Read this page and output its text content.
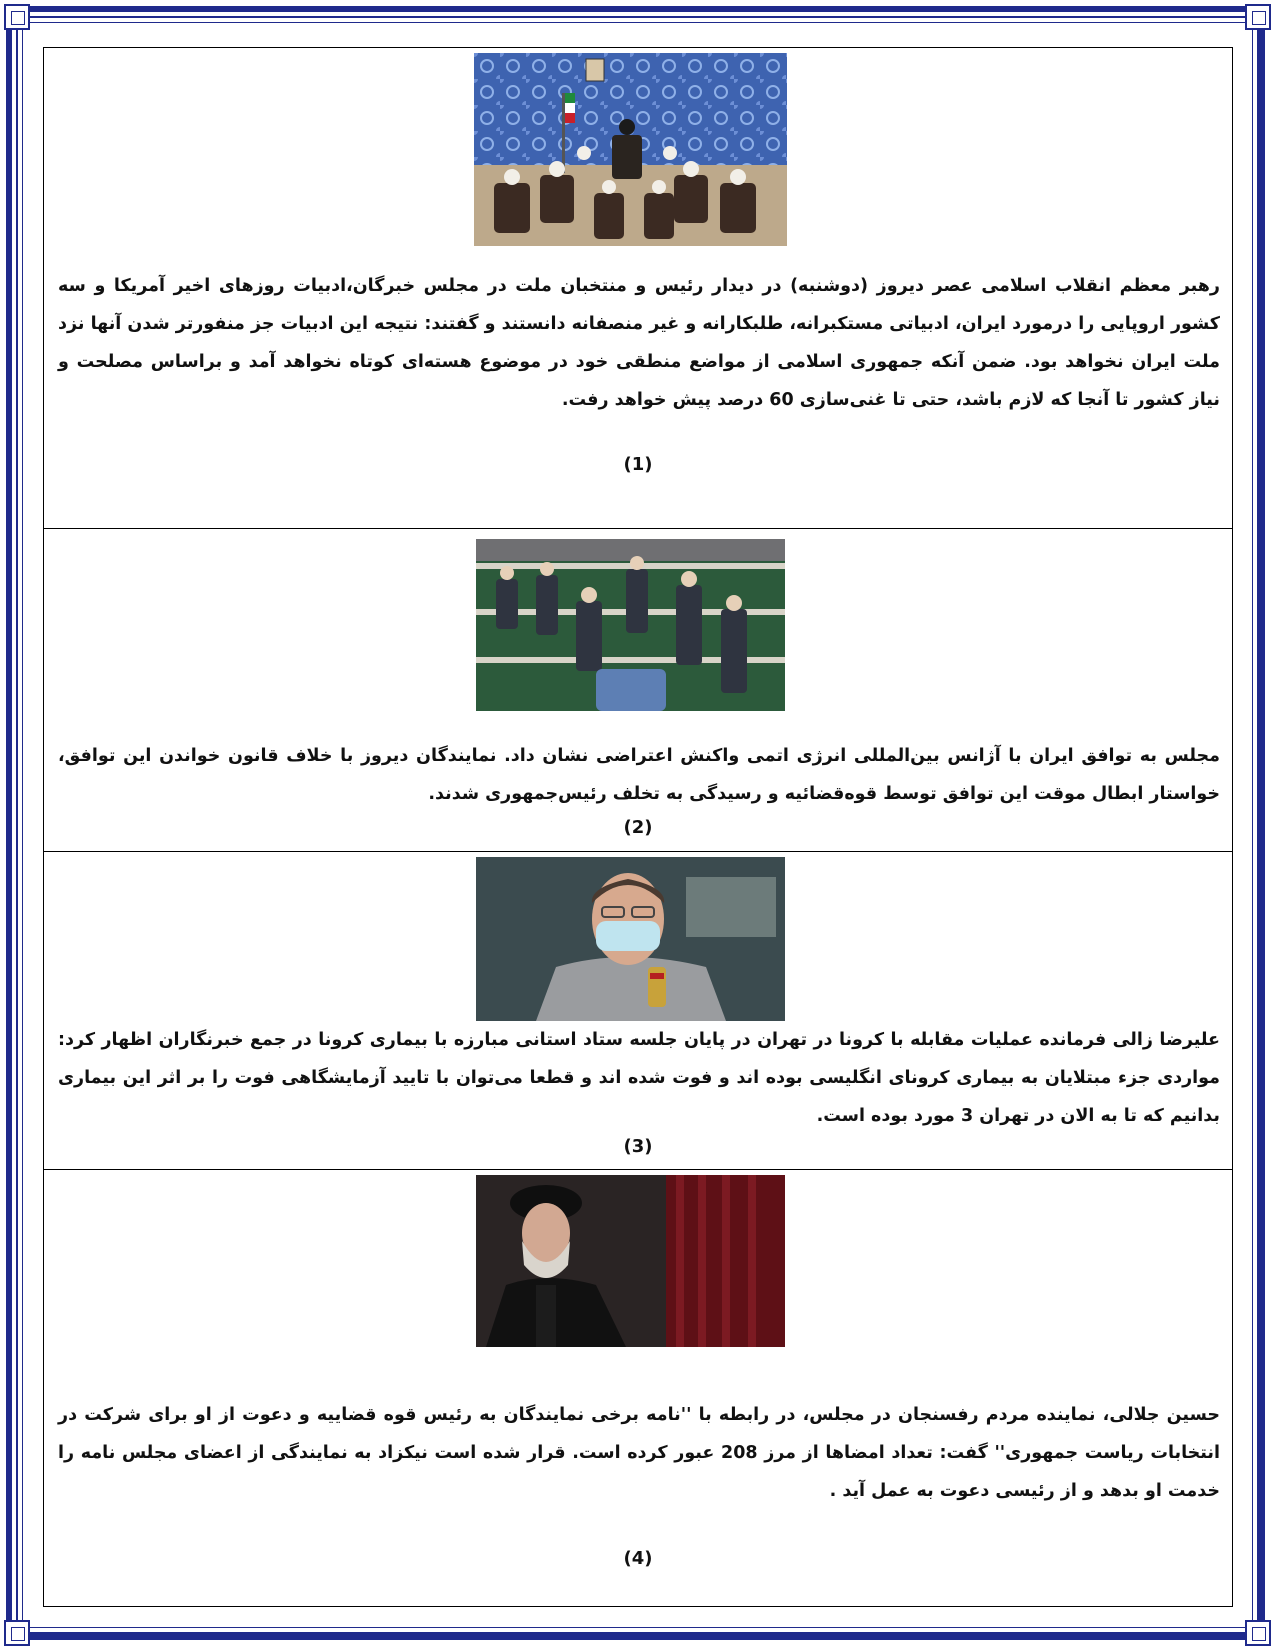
رهبر معظم انقلاب اسلامی عصر دیروز (دوشنبه) در دیدار رئیس و منتخبان ملت در مجلس خبرگان،ادبیات روزهای اخیر آمریکا و سه کشور اروپایی را درمورد ایران، ادبیاتی مستکبرانه، طلبکارانه و غیر منصفانه دانستند و گفتند: نتیجه این ادبیات جز منفورتر شدن آنها نزد ملت ایران نخواهد بود. ضمن آنکه جمهوری اسلامی از مواضع منطقی خود در موضوع هسته‌ای کوتاه نخواهد آمد و براساس مصلحت و نیاز کشور تا آنجا که لازم باشد، حتی تا غنی‌سازی 60 درصد پیش خواهد رفت.

(1)

مجلس به توافق ایران با آژانس بین‌المللی انرژی اتمی واکنش اعتراضی نشان داد. نمایندگان دیروز با خلاف قانون خواندن این توافق، خواستار ابطال موقت این توافق توسط قوه‌قضائیه و رسیدگی به تخلف رئیس‌جمهوری شدند.

(2)

علیرضا زالی فرمانده عملیات مقابله با کرونا در تهران در پایان جلسه ستاد استانی مبارزه با بیماری کرونا در جمع خبرنگاران اظهار کرد: مواردی جزء مبتلایان به بیماری کرونای انگلیسی بوده اند و فوت شده اند و قطعا می‌توان با تایید آزمایشگاهی فوت را بر اثر این بیماری بدانیم که تا به الان در تهران 3 مورد بوده است.

(3)

حسین جلالی، نماینده مردم رفسنجان در مجلس، در رابطه با ''نامه برخی نمایندگان به رئیس قوه قضاییه و دعوت از او برای شرکت در انتخابات ریاست جمهوری'' گفت: تعداد امضاها از مرز 208 عبور کرده است. قرار شده است نیکزاد به نمایندگی از اعضای مجلس نامه را خدمت او بدهد و از رئیسی دعوت به عمل آید .

(4)
